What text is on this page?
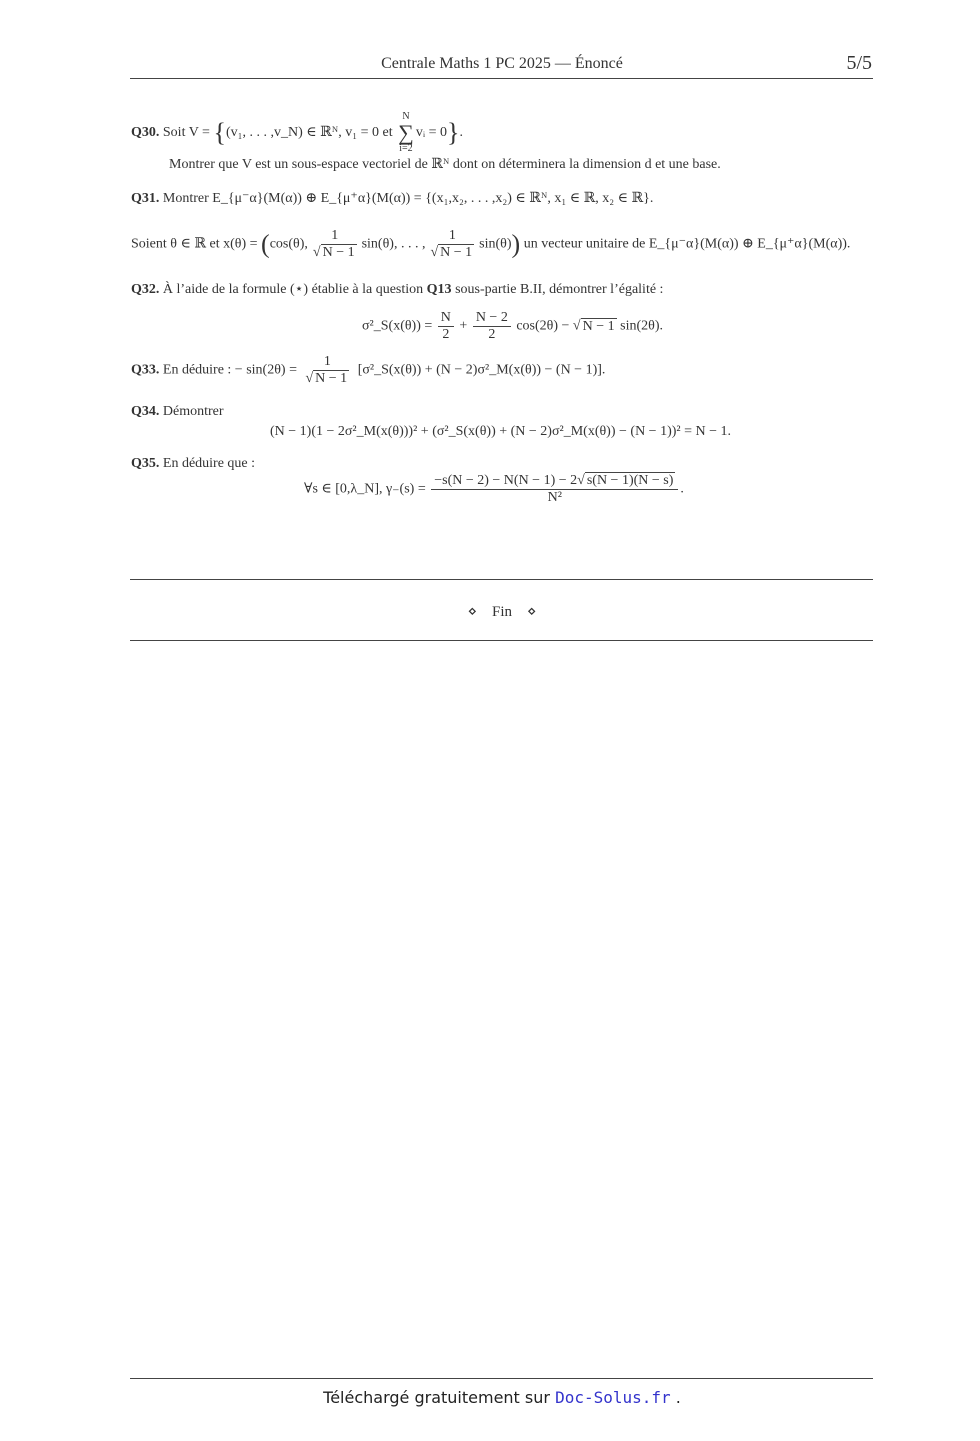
Centrale Maths 1 PC 2025 — Énoncé	5/5
Q30. Soit V = {(v₁, . . . ,v_N) ∈ ℝᴺ, v₁ = 0 et
N
∑
i=2
vᵢ = 0}.
Montrer que V est un sous-espace vectoriel de ℝᴺ dont on déterminera la dimension d et une base.
Q31. Montrer E_{μ⁻α}(M(α)) ⊕ E_{μ⁺α}(M(α)) = {(x₁,x₂, . . . ,x₂) ∈ ℝᴺ, x₁ ∈ ℝ, x₂ ∈ ℝ}.
Soient θ ∈ ℝ et x(θ) = (cos(θ), $\frac{1}{√ N - 1} \sin(\theta)$, . . . , $\frac{1}{√ N - 1} \sin(\theta)$) un vecteur unitaire de E_{μ⁻α}(M(α)) ⊕ E_{μ⁺α}(M(α)).
Q32. À l’aide de la formule (⋆) établie à la question Q13 sous-partie B.II, démontrer l’égalité :
σ²_S(x(θ)) = $\frac{N}{2} + \frac{N - 2}{2} \cos(2\theta)$ − √ N − 1 sin(2θ).
Q33. En déduire : − $\sin(2\theta) = \frac{1}{√ N - 1}$ [σ²_S(x(θ)) + (N − 2)σ²_M(x(θ)) − (N − 1)].
Q34. Démontrer
(N − 1)(1 − 2σ²_M(x(θ)))² + (σ²_S(x(θ)) + (N − 2)σ²_M(x(θ)) − (N − 1))² = N − 1.
Q35. En déduire que :
∀s ∈ [0,λ_N], $\gamma_-(s) = \frac{-s(N - 2) - N(N - 1) - 2√ s(N - 1)(N - s)}{\text{N²}}$ .
⋄ Fin ⋄
Téléchargé gratuitement sur Doc-Solus.fr .
